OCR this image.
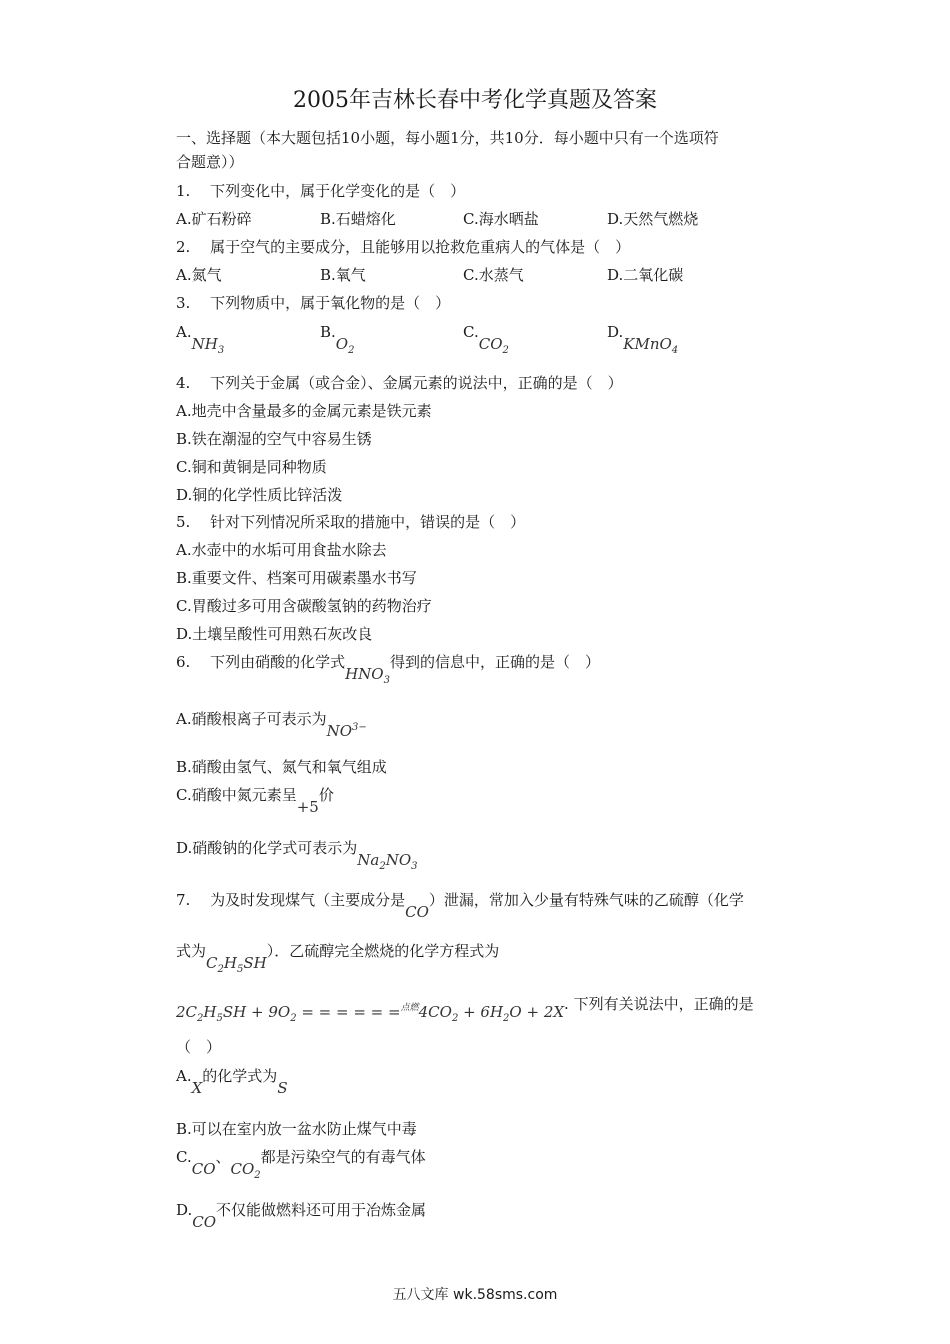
2005年吉林长春中考化学真题及答案
一、选择题（本大题包括10小题，每小题1分，共10分．每小题中只有一个选项符
合题意））
1.　 下列变化中，属于化学变化的是（　）
A.矿石粉碎	B.石蜡熔化	C.海水晒盐	D.天然气燃烧
2.　 属于空气的主要成分，且能够用以抢救危重病人的气体是（　）
A.氮气	B.氧气	C.水蒸气	D.二氧化碳
3.　 下列物质中，属于氧化物的是（　）
$A.NH_3$
$B.O_2$
$C.CO_2$
D.KMnO$_4$
4.　 下列关于金属（或合金）、金属元素的说法中，正确的是（　）
A.地壳中含量最多的金属元素是铁元素
B.铁在潮湿的空气中容易生锈
C.铜和黄铜是同种物质
D.铜的化学性质比锌活泼
5.　 针对下列情况所采取的措施中，错误的是（　）
A.水壶中的水垢可用食盐水除去
B.重要文件、档案可用碳素墨水书写
C.胃酸过多可用含碳酸氢钠的药物治疗
D.土壤呈酸性可用熟石灰改良
6.　 下列由硝酸的化学式$HNO_3$得到的信息中，正确的是（　）
A.硝酸根离子可表示为$NO^{3-}$
B.硝酸由氢气、氮气和氧气组成
C.硝酸中氮元素呈+5价
D.硝酸钠的化学式可表示为$Na_2NO_3$
7.　 为及时发现煤气（主要成分是CO）泄漏，常加入少量有特殊气味的乙硫醇（化学
式为$C_2H_5SH$）．乙硫醇完全燃烧的化学方程式为
$2C_2H_5SH + 9O_2$ = = = = = $=^{点燃}4CO_2 + 6H_2O + 2X$. 下列有关说法中，正确的是
（　）
A.X的化学式为S
B.可以在室内放一盆水防止煤气中毒
C.CO、$CO_2$都是污染空气的有毒气体
D.CO不仅能做燃料还可用于冶炼金属
五八文库 wk.58sms.com
